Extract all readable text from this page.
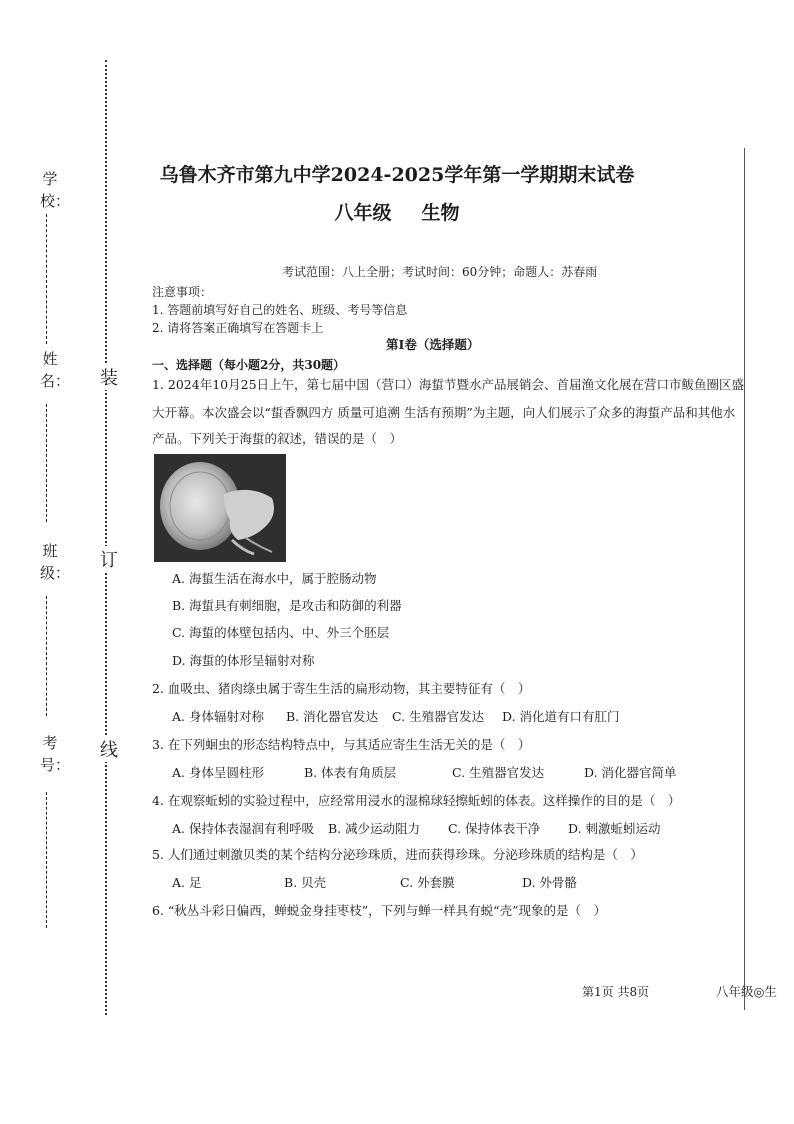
学校：
姓名：
班级：
考号：
装
订
线
乌鲁木齐市第九中学2024-2025学年第一学期期末试卷
八年级 生物
考试范围：八上全册；考试时间：60分钟；命题人：苏春雨
注意事项：
1. 答题前填写好自己的姓名、班级、考号等信息
2. 请将答案正确填写在答题卡上
第I卷（选择题）
一、选择题（每小题2分，共30题）
1. 2024年10月25日上午，第七届中国（营口）海蜇节暨水产品展销会、首届渔文化展在营口市鲅鱼圈区盛
大开幕。本次盛会以“蜇香飘四方 质量可追溯 生活有预期”为主题，向人们展示了众多的海蜇产品和其他水
产品。下列关于海蜇的叙述，错误的是（　）
A. 海蜇生活在海水中，属于腔肠动物
B. 海蜇具有刺细胞，是攻击和防御的利器
C. 海蜇的体壁包括内、中、外三个胚层
D. 海蜇的体形呈辐射对称
2. 血吸虫、猪肉绦虫属于寄生生活的扁形动物，其主要特征有（　）
A. 身体辐射对称 B. 消化器官发达 C. 生殖器官发达 D. 消化道有口有肛门
3. 在下列蛔虫的形态结构特点中，与其适应寄生生活无关的是（　）
A. 身体呈圆柱形	B. 体表有角质层	C. 生殖器官发达	D. 消化器官简单
4. 在观察蚯蚓的实验过程中，应经常用浸水的湿棉球轻擦蚯蚓的体表。这样操作的目的是（　）
A. 保持体表湿润有利呼吸 B. 减少运动阻力 C. 保持体表干净 D. 刺激蚯蚓运动
5. 人们通过刺激贝类的某个结构分泌珍珠质，进而获得珍珠。分泌珍珠质的结构是（　）
A. 足	B. 贝壳	C. 外套膜	D. 外骨骼
6. “秋丛斗彩日偏西，蝉蜕金身挂枣枝”，下列与蝉一样具有蜕“壳”现象的是（　）
第1页 共8页	八年级◎生
